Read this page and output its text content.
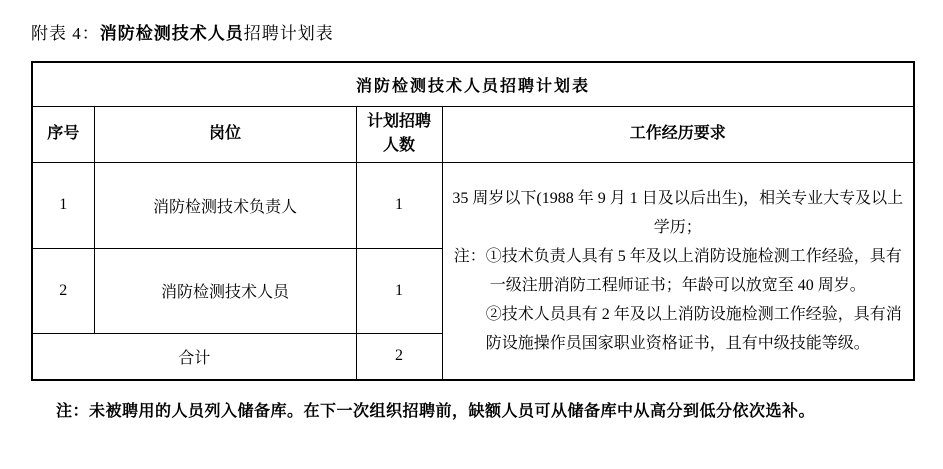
附表 4：消防检测技术人员招聘计划表
消防检测技术人员招聘计划表			
序号	岗位	计划招聘人数	工作经历要求
1	消防检测技术负责人	1	35 周岁以下(1988 年 9 月 1 日及以后出生)，相关专业大专及以上学历；

注：①技术负责人具有 5 年及以上消防设施检测工作经验，具有一级注册消防工程师证书；年龄可以放宽至 40 周岁。

②技术人员具有 2 年及以上消防设施检测工作经验，具有消防设施操作员国家职业资格证书，且有中级技能等级。

2	消防检测技术人员	1	
合计		2	
注：未被聘用的人员列入储备库。在下一次组织招聘前，缺额人员可从储备库中从高分到低分依次选补。
